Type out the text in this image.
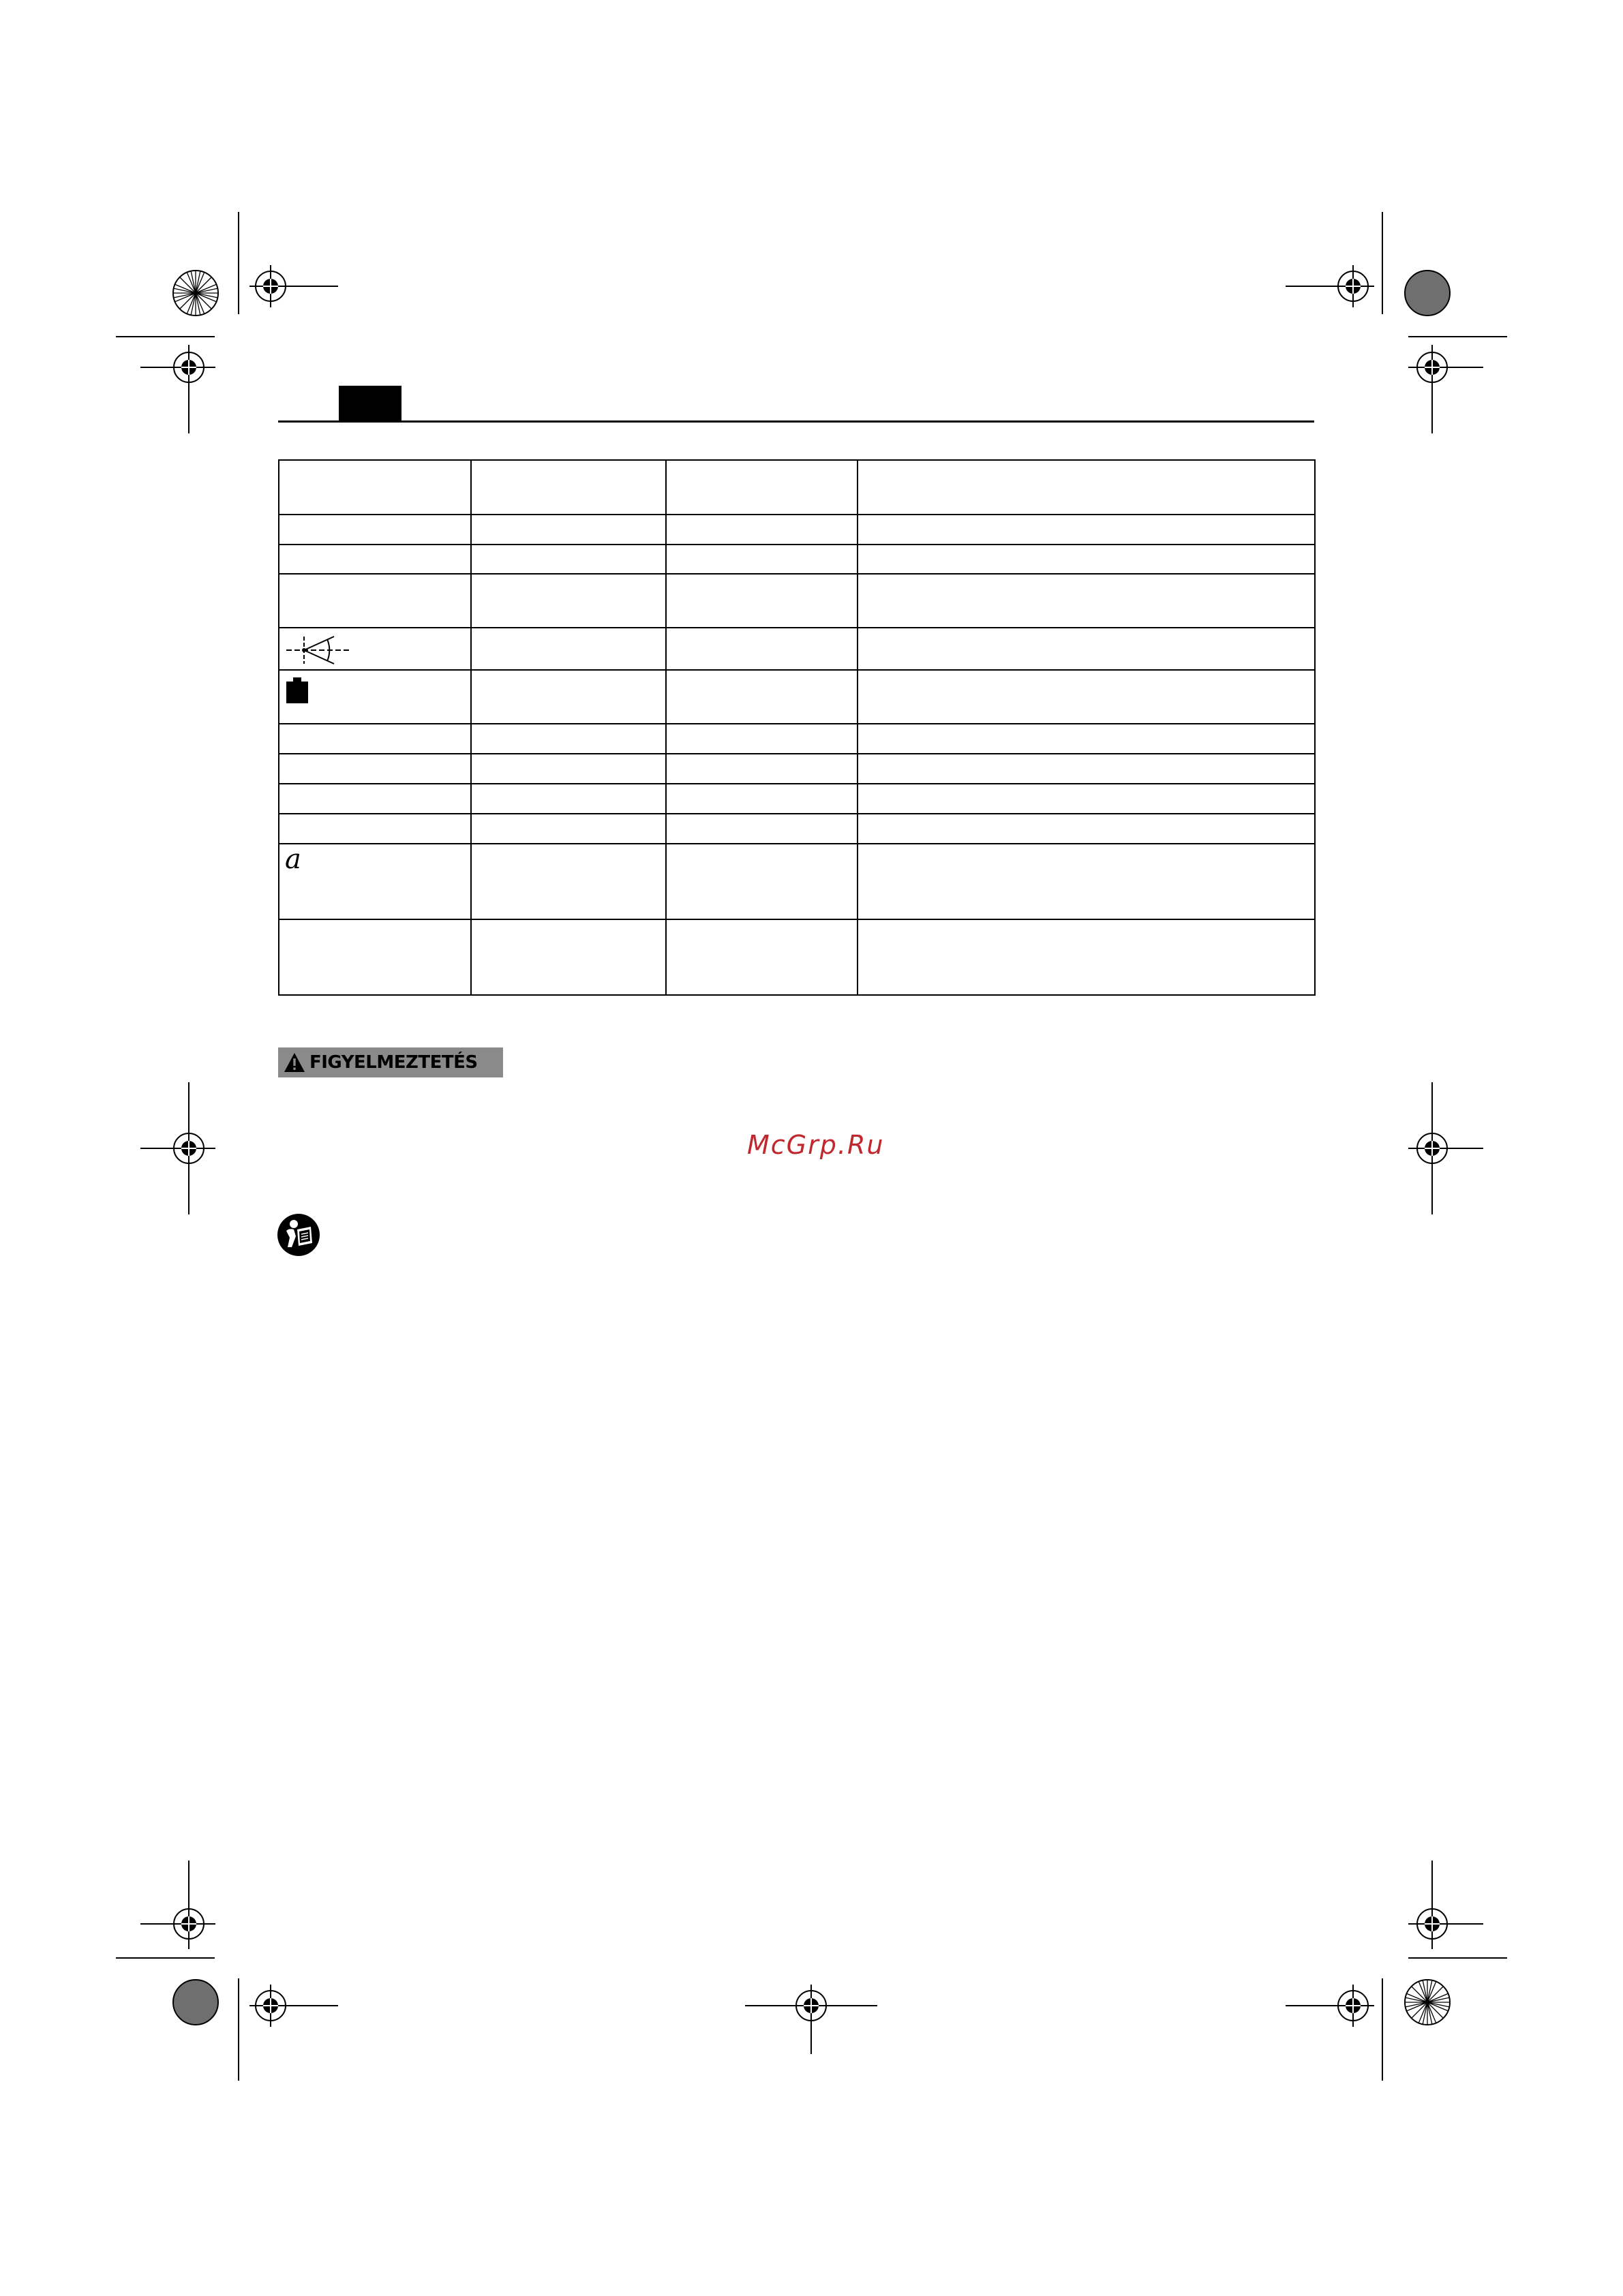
a			

FIGYELMEZTETÉS
McGrp.Ru
